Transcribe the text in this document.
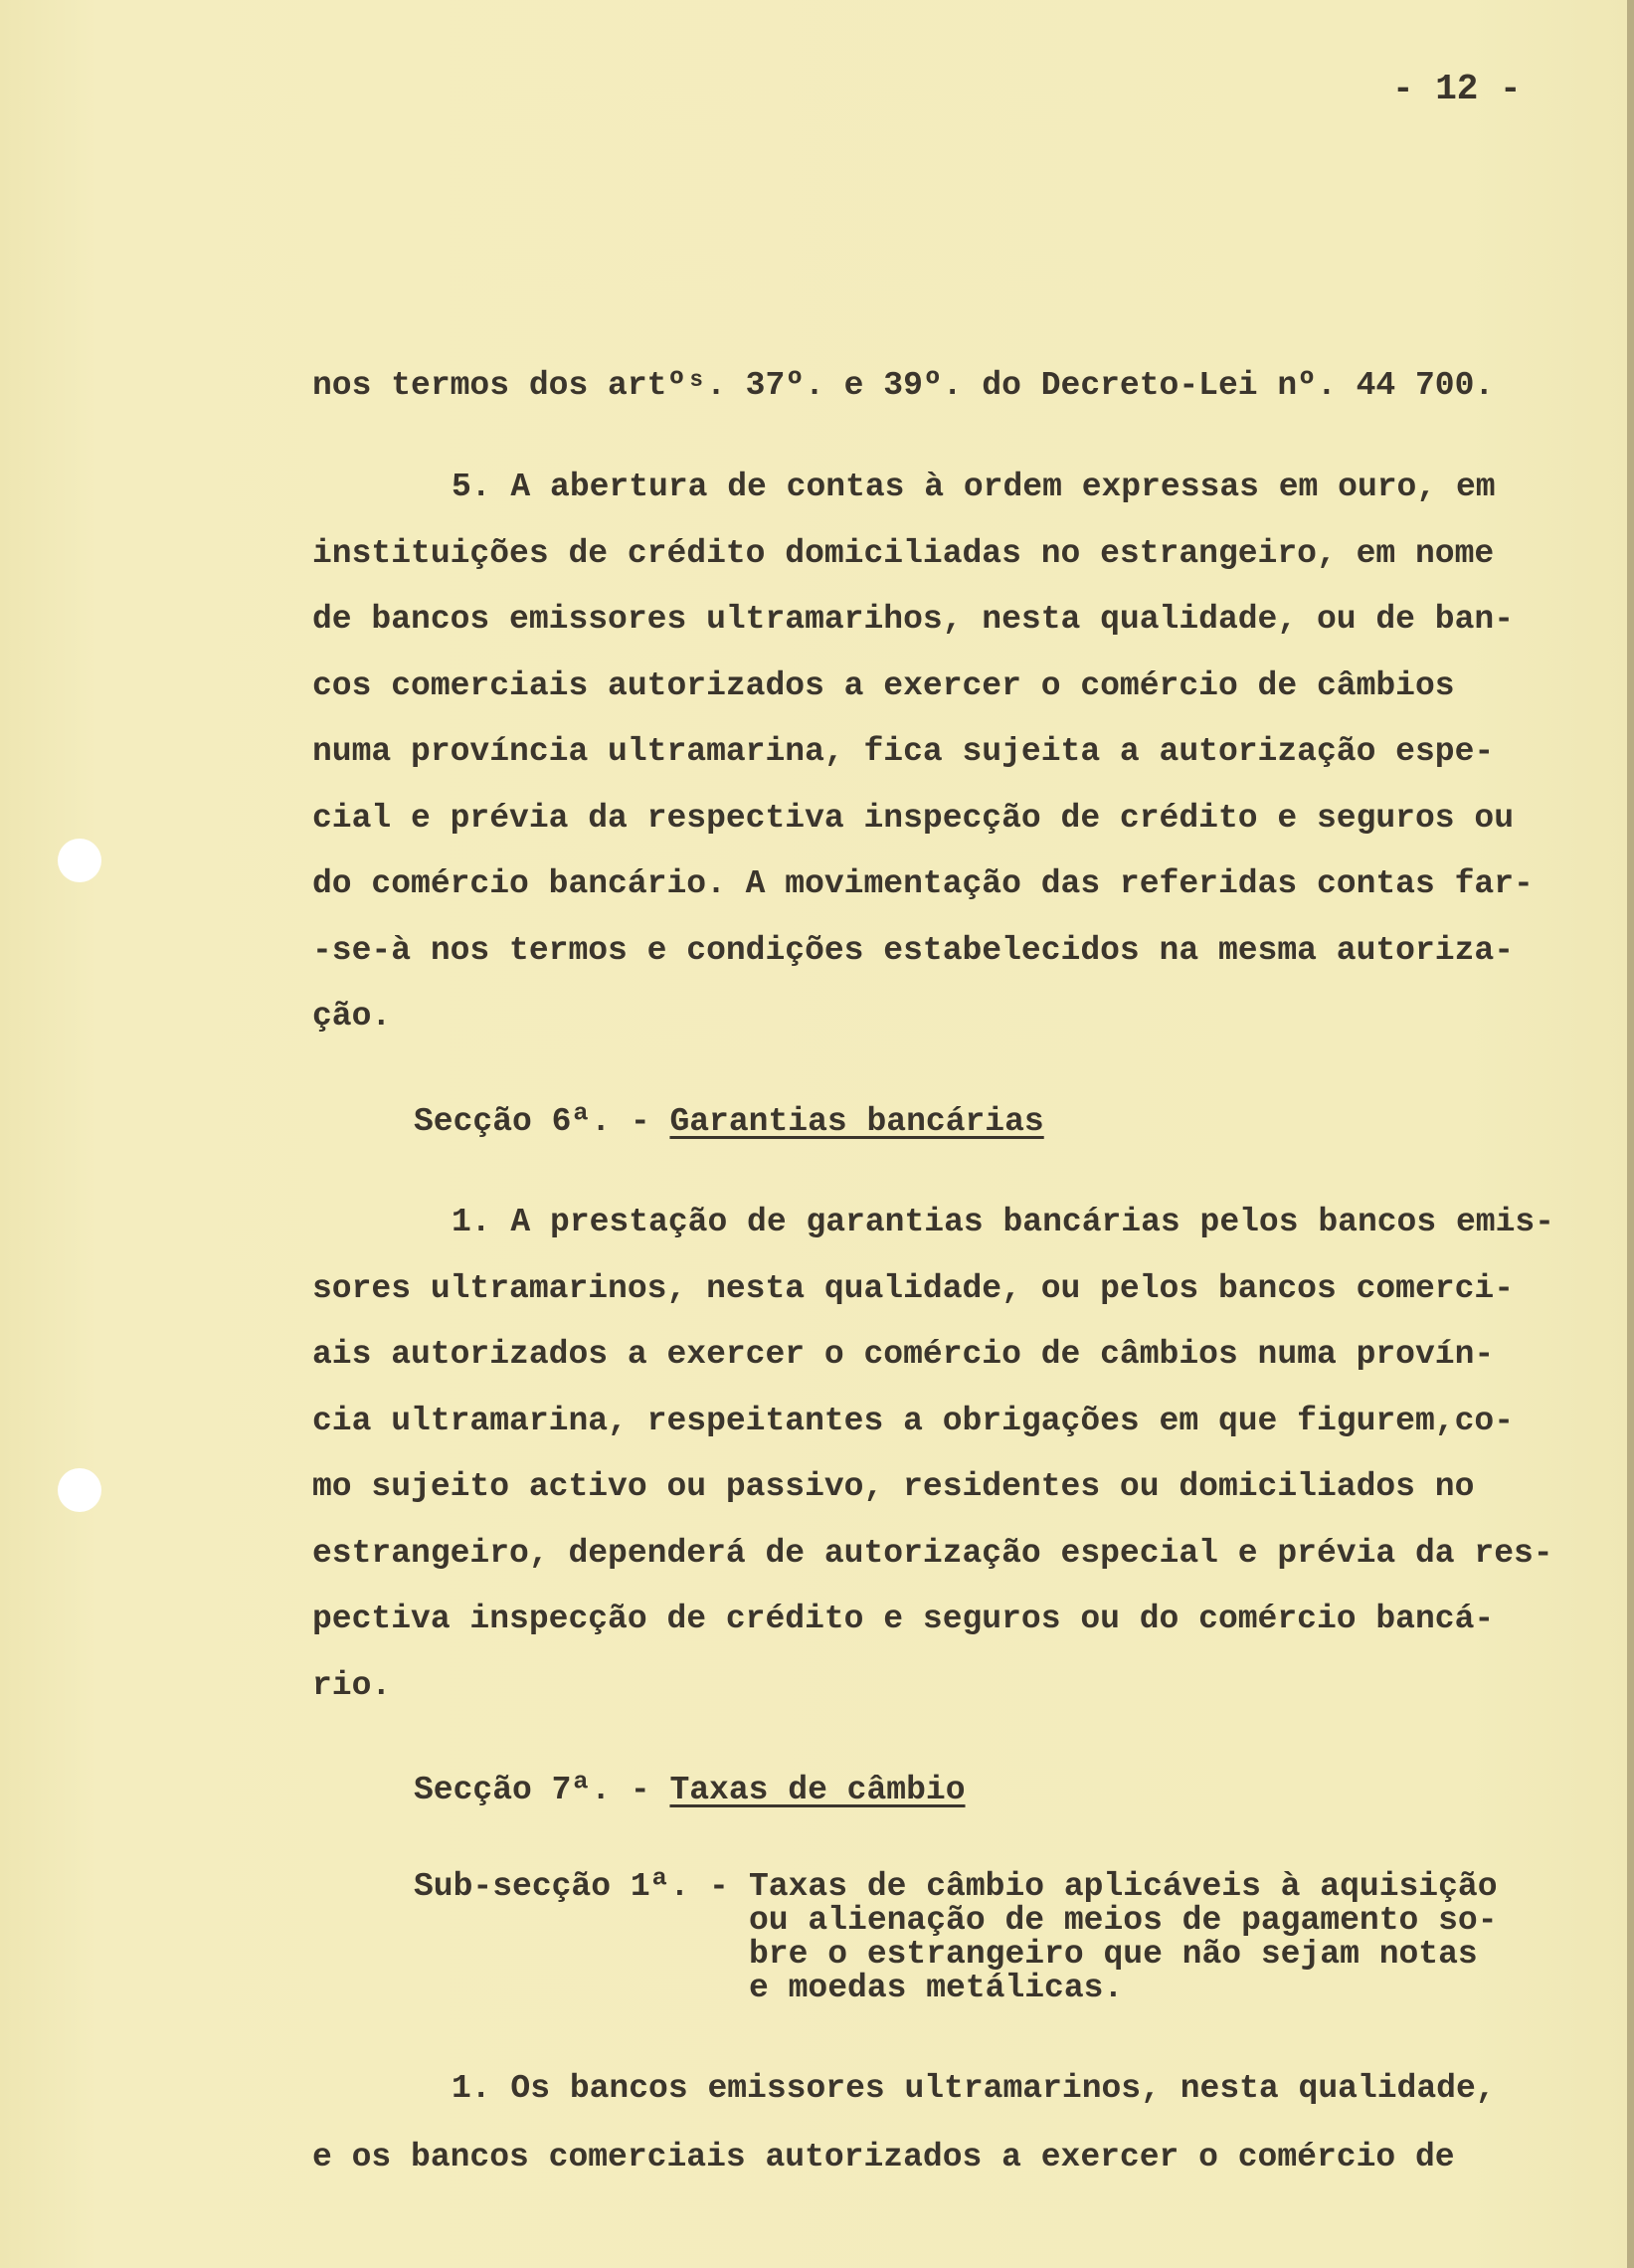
- 12 -
nos termos dos artºˢ. 37º. e 39º. do Decreto-Lei nº. 44 700.
5. A abertura de contas à ordem expressas em ouro, em
instituições de crédito domiciliadas no estrangeiro, em nome
de bancos emissores ultramarihos, nesta qualidade, ou de ban-
cos comerciais autorizados a exercer o comércio de câmbios
numa província ultramarina, fica sujeita a autorização espe-
cial e prévia da respectiva inspecção de crédito e seguros ou
do comércio bancário. A movimentação das referidas contas far-
-se-à nos termos e condições estabelecidos na mesma autoriza-
ção.
Secção 6ª. - Garantias bancárias
1. A prestação de garantias bancárias pelos bancos emis-
sores ultramarinos, nesta qualidade, ou pelos bancos comerci-
ais autorizados a exercer o comércio de câmbios numa provín-
cia ultramarina, respeitantes a obrigações em que figurem,co-
mo sujeito activo ou passivo, residentes ou domiciliados no
estrangeiro, dependerá de autorização especial e prévia da res-
pectiva inspecção de crédito e seguros ou do comércio bancá-
rio.
Secção 7ª. - Taxas de câmbio
Sub-secção 1ª. - Taxas de câmbio aplicáveis à aquisição
ou alienação de meios de pagamento so-
bre o estrangeiro que não sejam notas
e moedas metálicas.
1. Os bancos emissores ultramarinos, nesta qualidade,
e os bancos comerciais autorizados a exercer o comércio de
